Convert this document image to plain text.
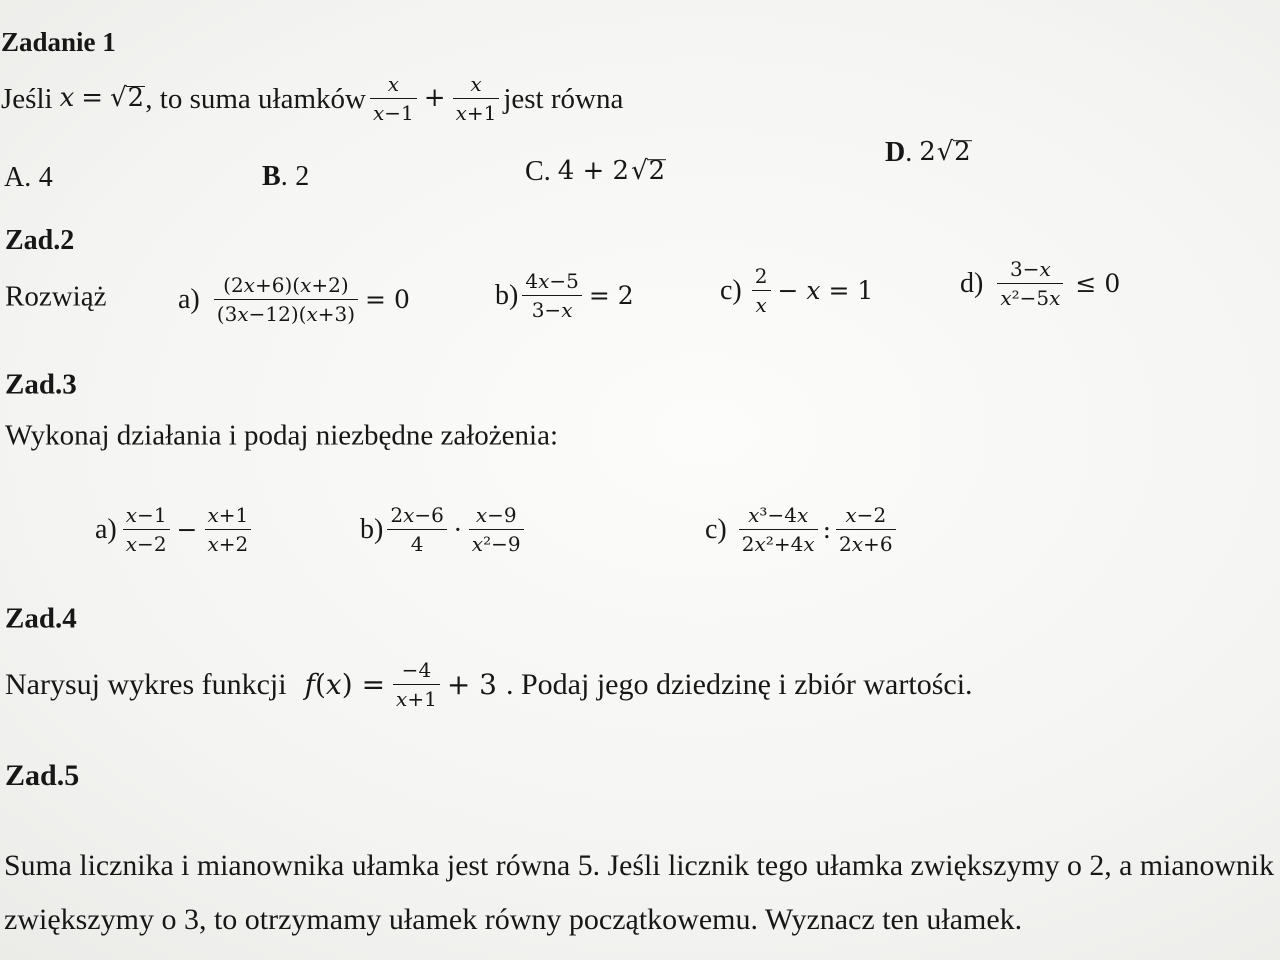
Zadanie 1
Jeśli x = √ 2 , to suma ułamków $\frac{x}{x-1} + \frac{x}{x+1}$ jest równa
A . 4	B . 2	C . 4 + 2 √ 2
D . 2 √ 2
Zad.2
Rozwiąż	$a) \frac{(2x+6)(x+2)}{(3x-12)(x+3)} = 0$	$b) \frac{4x-5}{3-x} = 2$	$c) \frac{2}{x} - x = 1$	$d) \frac{3-x}{\text{x²−5x}} \le 0$
Zad.3
Wykonaj działania i podaj niezbędne założenia:
$a) \frac{x-1}{x-2} - \frac{x+1}{x+2}$	$b) \frac{2x-6}{4} \cdot \frac{x-9}{\text{x²−9}}$	$c) \frac{\text{x³−4x}}{\text{2x²+4x}}$ : $\frac{x-2}{2x+6}$
Zad.4
Narysuj wykres funkcji $f(x) = \frac{-4}{x+1} + 3$ . Podaj jego dziedzinę i zbiór wartości.
Zad.5
Suma licznika i mianownika ułamka jest równa 5. Jeśli licznik tego ułamka zwiększymy o 2, a mianownik
zwiększymy o 3, to otrzymamy ułamek równy początkowemu. Wyznacz ten ułamek.
